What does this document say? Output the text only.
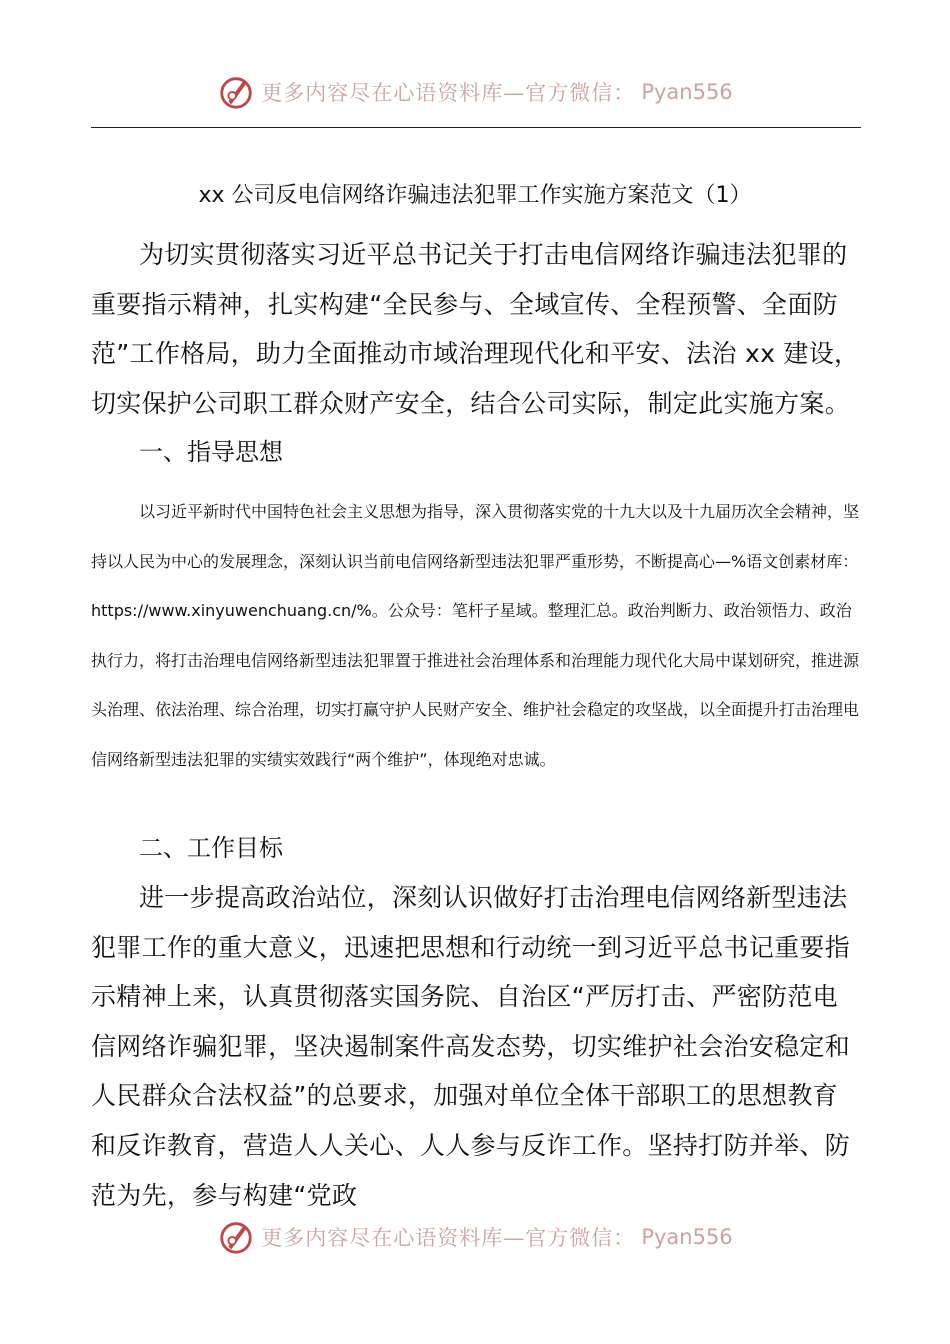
更多内容尽在心语资料库—官方微信： Pyan556
xx 公司反电信网络诈骗违法犯罪工作实施方案范文（1）
为切实贯彻落实习近平总书记关于打击电信网络诈骗违法犯罪的重要指示精神，扎实构建“全民参与、全域宣传、全程预警、全面防范”工作格局，助力全面推动市域治理现代化和平安、法治 xx 建设，切实保护公司职工群众财产安全，结合公司实际，制定此实施方案。
一、指导思想
以习近平新时代中国特色社会主义思想为指导，深入贯彻落实党的十九大以及十九届历次全会精神，坚持以人民为中心的发展理念，深刻认识当前电信网络新型违法犯罪严重形势，不断提高心—%语文创素材库：https://www.xinyuwenchuang.cn/%。公众号：笔杆子星域。整理汇总。政治判断力、政治领悟力、政治执行力，将打击治理电信网络新型违法犯罪置于推进社会治理体系和治理能力现代化大局中谋划研究，推进源头治理、依法治理、综合治理，切实打赢守护人民财产安全、维护社会稳定的攻坚战，以全面提升打击治理电信网络新型违法犯罪的实绩实效践行“两个维护”，体现绝对忠诚。
二、工作目标
进一步提高政治站位，深刻认识做好打击治理电信网络新型违法犯罪工作的重大意义，迅速把思想和行动统一到习近平总书记重要指示精神上来，认真贯彻落实国务院、自治区“严厉打击、严密防范电信网络诈骗犯罪，坚决遏制案件高发态势，切实维护社会治安稳定和人民群众合法权益”的总要求，加强对单位全体干部职工的思想教育和反诈教育，营造人人关心、人人参与反诈工作。坚持打防并举、防范为先，参与构建“党政
更多内容尽在心语资料库—官方微信： Pyan556
